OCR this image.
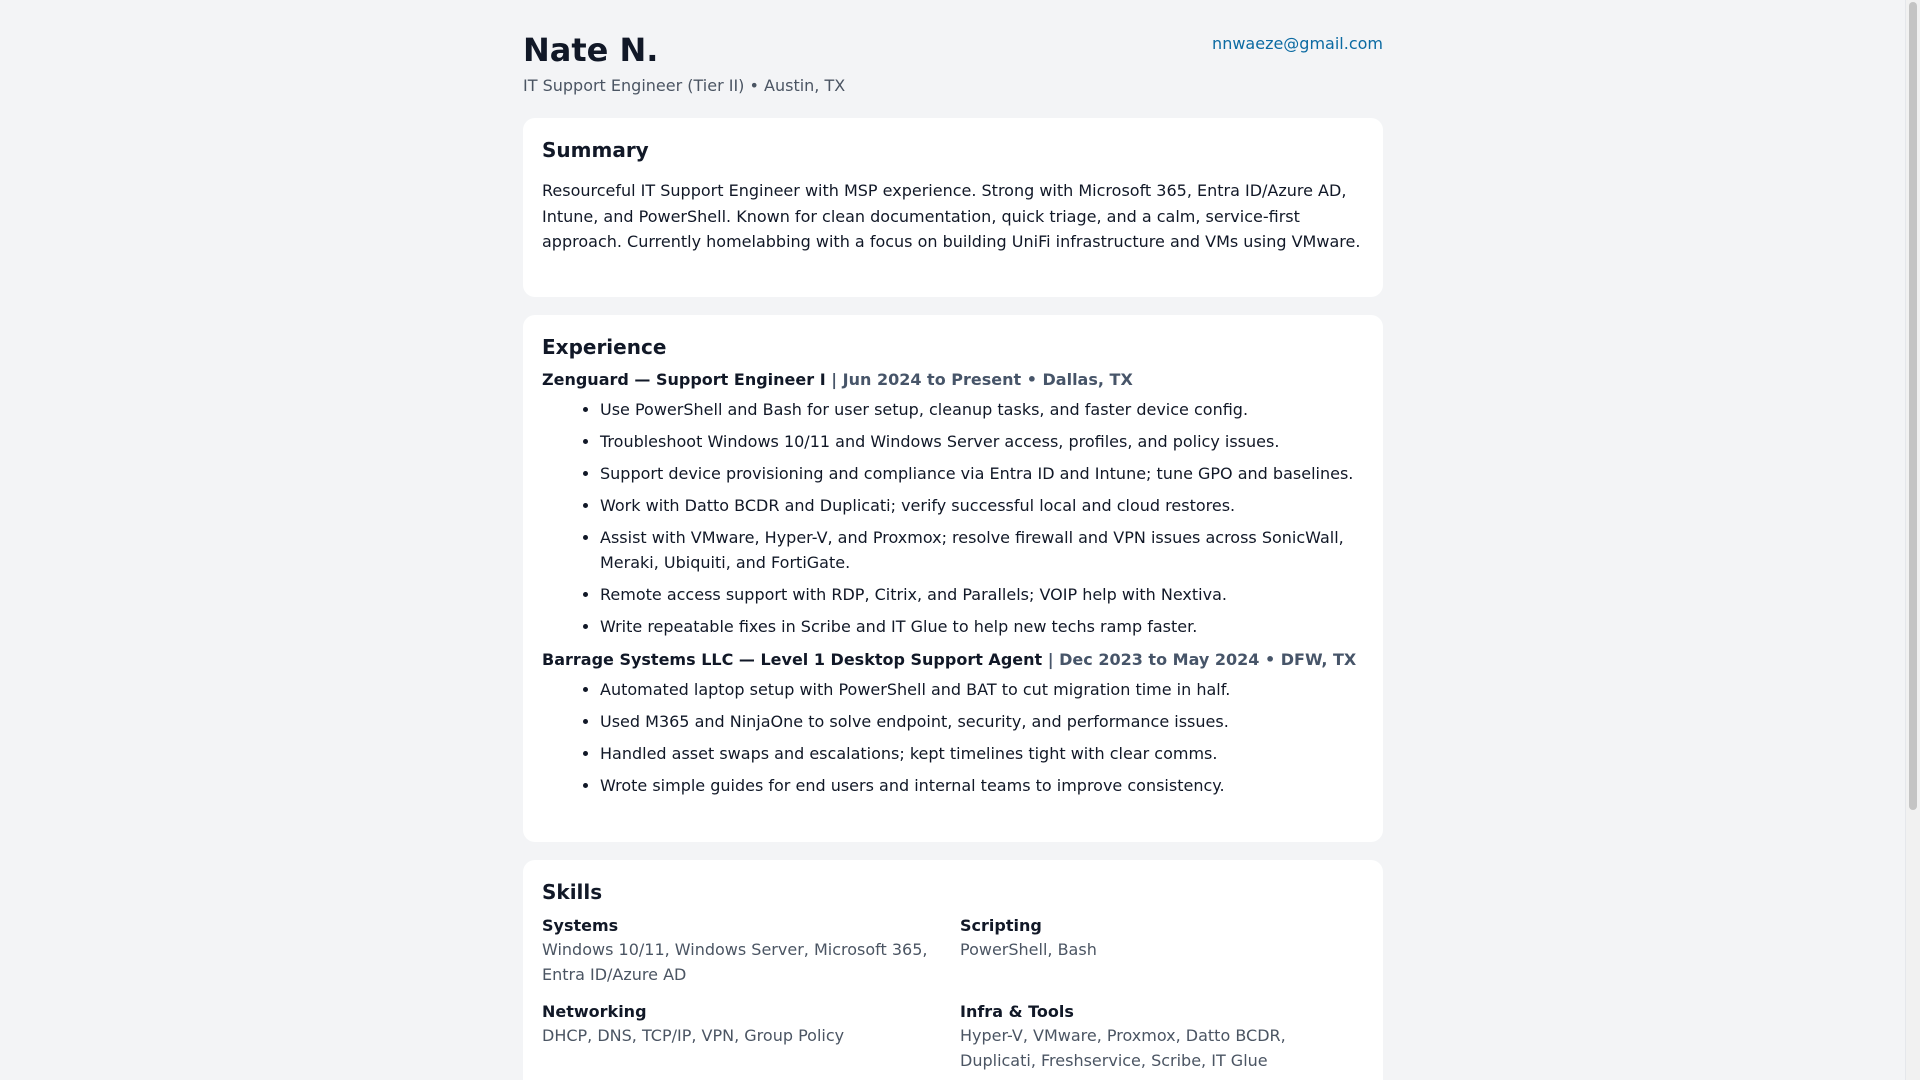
Nate N.
IT Support Engineer (Tier II) • Austin, TX
nnwaeze@gmail.com
Summary

Resourceful IT Support Engineer with MSP experience. Strong with Microsoft 365, Entra ID/Azure AD, Intune, and PowerShell. Known for clean documentation, quick triage, and a calm, service-first approach. Currently homelabbing with a focus on building UniFi infrastructure and VMs using VMware.

Experience
Zenguard — Support Engineer I | Jun 2024 to Present • Dallas, TX
• Use PowerShell and Bash for user setup, cleanup tasks, and faster device config.
• Troubleshoot Windows 10/11 and Windows Server access, profiles, and policy issues.
• Support device provisioning and compliance via Entra ID and Intune; tune GPO and baselines.
• Work with Datto BCDR and Duplicati; verify successful local and cloud restores.
• Assist with VMware, Hyper-V, and Proxmox; resolve firewall and VPN issues across SonicWall, Meraki, Ubiquiti, and FortiGate.
• Remote access support with RDP, Citrix, and Parallels; VOIP help with Nextiva.
• Write repeatable fixes in Scribe and IT Glue to help new techs ramp faster.
Barrage Systems LLC — Level 1 Desktop Support Agent | Dec 2023 to May 2024 • DFW, TX
• Automated laptop setup with PowerShell and BAT to cut migration time in half.
• Used M365 and NinjaOne to solve endpoint, security, and performance issues.
• Handled asset swaps and escalations; kept timelines tight with clear comms.
• Wrote simple guides for end users and internal teams to improve consistency.
Skills
Systems
Windows 10/11, Windows Server, Microsoft 365, Entra ID/Azure AD
Scripting
PowerShell, Bash
Networking
DHCP, DNS, TCP/IP, VPN, Group Policy
Infra & Tools
Hyper-V, VMware, Proxmox, Datto BCDR, Duplicati, Freshservice, Scribe, IT Glue
